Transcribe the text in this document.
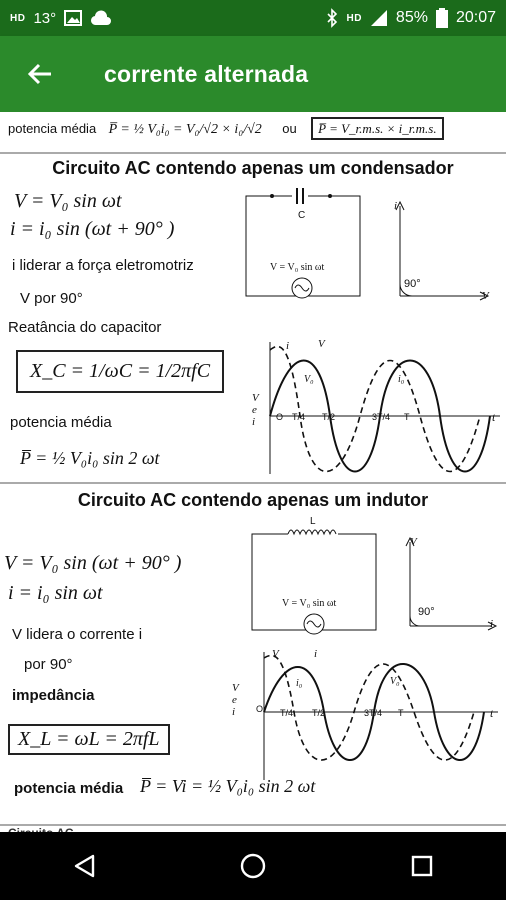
HD 13°	HD 85% 20:07
corrente alternada
potencia média P̅ = ½ V₀i₀ = V₀/√2 × i₀/√2 ou P̅ = V_r.m.s. × i_r.m.s.
Circuito AC contendo apenas um condensador
V = V₀ sin ωt
i = i₀ sin (ωt + 90° )
i liderar a força eletromotriz
V por 90°
Reatância do capacitor
X_C = 1/ωC = 1/2πfC
potencia média
P̅ = ½ V₀i₀ sin 2 ωt
C
V = V₀ sin ωt
i
V
90°
i	V
V₀	i₀
V
e
i O T/4 T/2	3T/4 T	t
Circuito AC contendo apenas um indutor
V = V₀ sin (ωt + 90° )
i = i₀ sin ωt
V lidera o corrente i
por 90°
impedância
X_L = ωL = 2πfL
potencia média P̅ = Vi = ½ V₀i₀ sin 2 ωt
L
V = V₀ sin ωt
V
i
90°
V	i
i₀	V₀
V
e
i O T/4 T/2	3T/4 T	t
